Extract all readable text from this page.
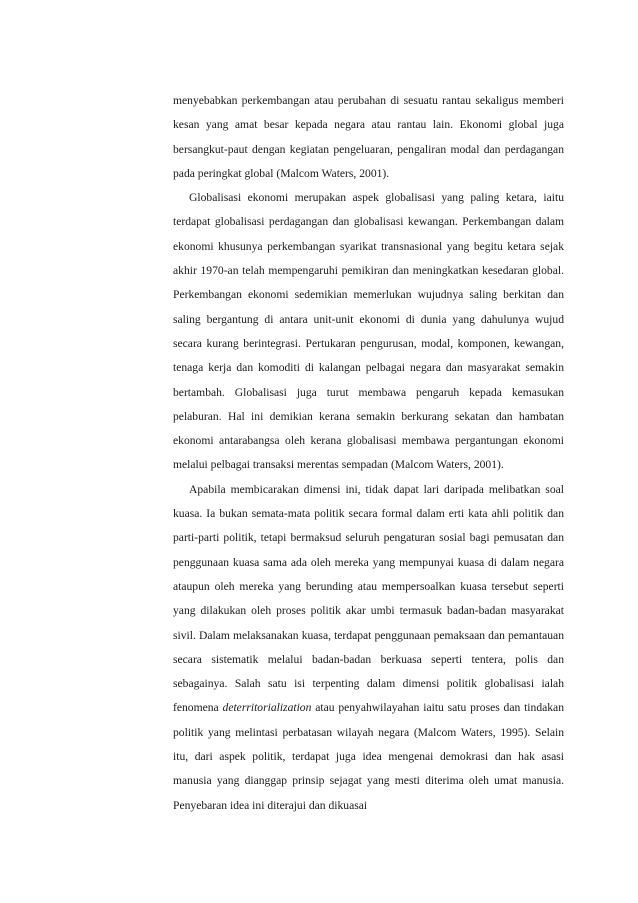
menyebabkan perkembangan atau perubahan di sesuatu rantau sekaligus memberi kesan yang amat besar kepada negara atau rantau lain. Ekonomi global juga bersangkut-paut dengan kegiatan pengeluaran, pengaliran modal dan perdagangan pada peringkat global (Malcom Waters, 2001).

Globalisasi ekonomi merupakan aspek globalisasi yang paling ketara, iaitu terdapat globalisasi perdagangan dan globalisasi kewangan. Perkembangan dalam ekonomi khusunya perkembangan syarikat transnasional yang begitu ketara sejak akhir 1970-an telah mempengaruhi pemikiran dan meningkatkan kesedaran global. Perkembangan ekonomi sedemikian memerlukan wujudnya saling berkitan dan saling bergantung di antara unit-unit ekonomi di dunia yang dahulunya wujud secara kurang berintegrasi. Pertukaran pengurusan, modal, komponen, kewangan, tenaga kerja dan komoditi di kalangan pelbagai negara dan masyarakat semakin bertambah. Globalisasi juga turut membawa pengaruh kepada kemasukan pelaburan. Hal ini demikian kerana semakin berkurang sekatan dan hambatan ekonomi antarabangsa oleh kerana globalisasi membawa pergantungan ekonomi melalui pelbagai transaksi merentas sempadan (Malcom Waters, 2001).

Apabila membicarakan dimensi ini, tidak dapat lari daripada melibatkan soal kuasa. Ia bukan semata-mata politik secara formal dalam erti kata ahli politik dan parti-parti politik, tetapi bermaksud seluruh pengaturan sosial bagi pemusatan dan penggunaan kuasa sama ada oleh mereka yang mempunyai kuasa di dalam negara ataupun oleh mereka yang berunding atau mempersoalkan kuasa tersebut seperti yang dilakukan oleh proses politik akar umbi termasuk badan-badan masyarakat sivil. Dalam melaksanakan kuasa, terdapat penggunaan pemaksaan dan pemantauan secara sistematik melalui badan-badan berkuasa seperti tentera, polis dan sebagainya. Salah satu isi terpenting dalam dimensi politik globalisasi ialah fenomena deterritorialization atau penyahwilayahan iaitu satu proses dan tindakan politik yang melintasi perbatasan wilayah negara (Malcom Waters, 1995). Selain itu, dari aspek politik, terdapat juga idea mengenai demokrasi dan hak asasi manusia yang dianggap prinsip sejagat yang mesti diterima oleh umat manusia. Penyebaran idea ini diterajui dan dikuasai
